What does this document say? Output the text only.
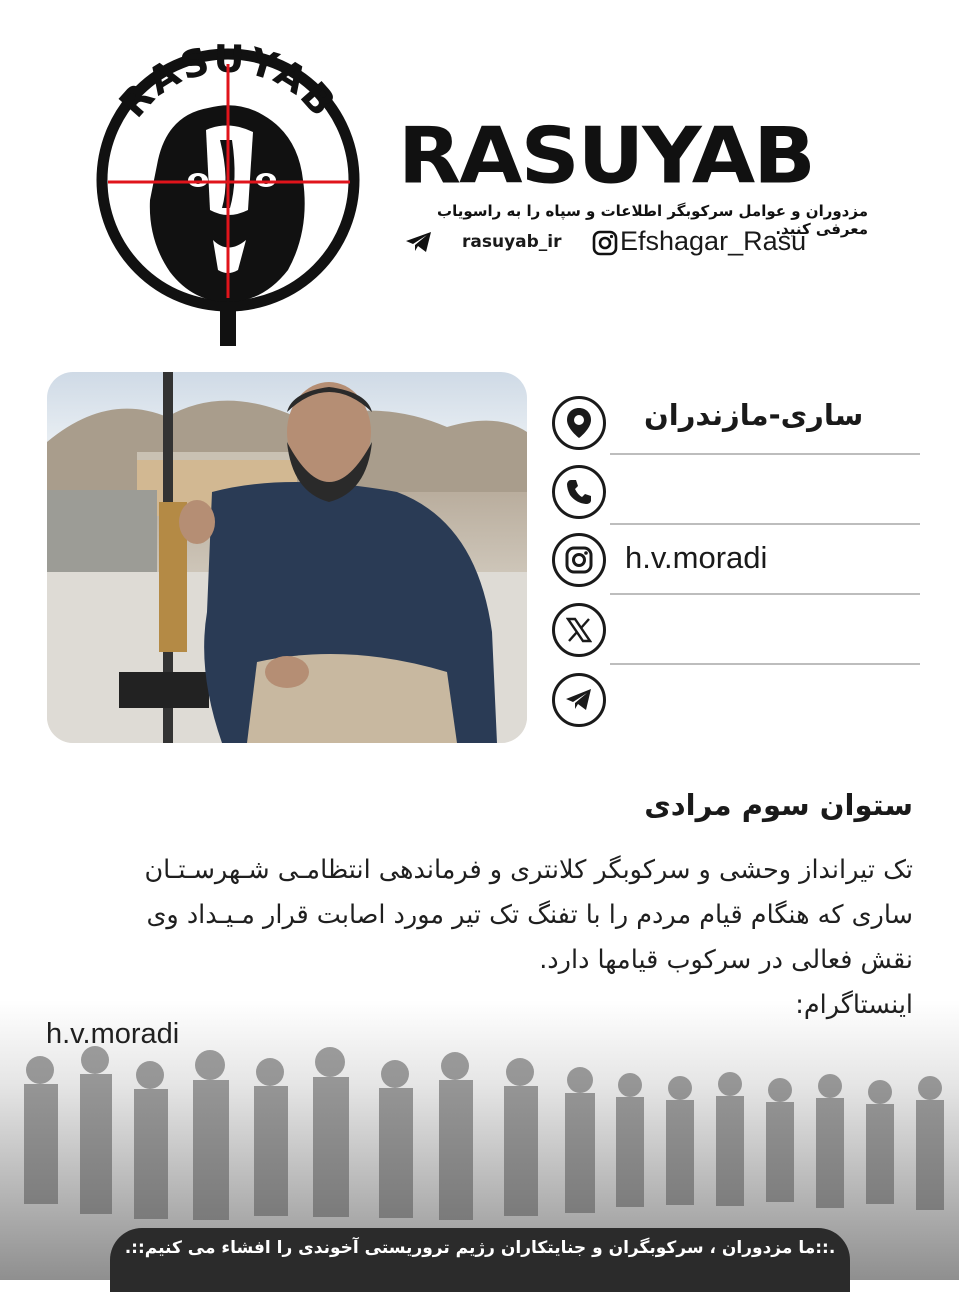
RASUYAB
RASUYAB
مزدوران و عوامل سرکوبگر اطلاعات و سپاه را به راسویاب معرفی کنید.
rasuyab_ir Efshagar_Rasu
ساری-مازندران
h.v.moradi
ستوان سوم مرادی

تک تیرانداز وحشی و سرکوبگر کلانتری و فرماندهی انتظامـی شـهرسـتـان

ساری که هنگام قیام مردم را با تفنگ تک تیر مورد اصابت قرار مـیـداد وی

نقش فعالی در سرکوب قیامها دارد.

اینستاگرام:

h.v.moradi
.::ما مزدوران ، سرکوبگران و جنایتکاران رژیم تروریستی آخوندی را افشاء می کنیم::.
